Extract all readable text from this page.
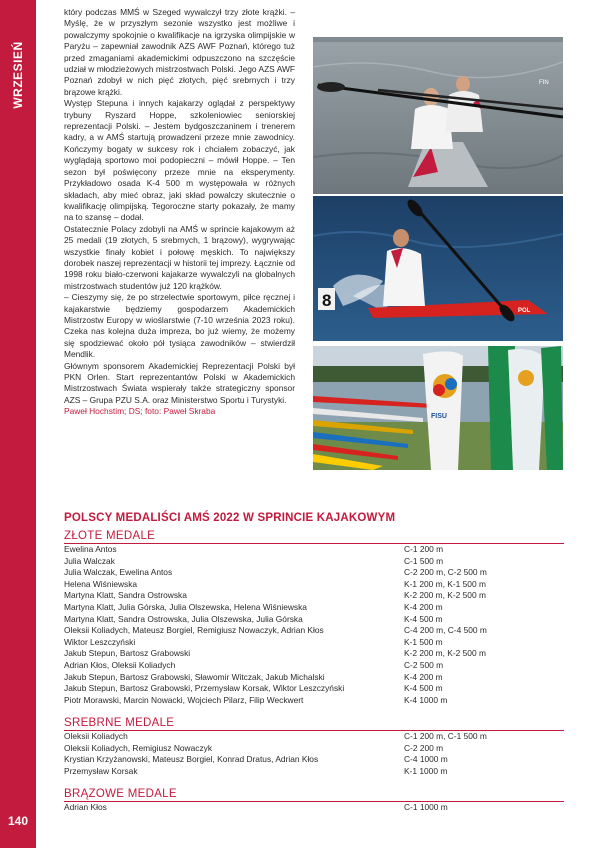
WRZESIEŃ
140

który podczas MMŚ w Szeged wywalczył trzy złote krążki. – Myślę, że w przyszłym sezonie wszystko jest możliwe i powalczymy spokojnie o kwalifikacje na igrzyska olimpijskie w Paryżu – zapewniał zawodnik AZS AWF Poznań, którego tuż przed zmaganiami akademickimi odpuszczono na szczęście udział w młodzieżowych mistrzostwach Polski. Jego AZS AWF Poznań zdobył w nich pięć złotych, pięć srebrnych i trzy brązowe krążki.

Występ Stepuna i innych kajakarzy oglądał z perspektywy trybuny Ryszard Hoppe, szkoleniowiec seniorskiej reprezentacji Polski. – Jestem bydgoszczaninem i trenerem kadry, a w AMŚ startują prowadzeni przeze mnie zawodnicy. Kończymy bogaty w sukcesy rok i chciałem zobaczyć, jak wyglądają sportowo moi podopieczni – mówił Hoppe. – Ten sezon był poświęcony przeze mnie na eksperymenty. Przykładowo osada K-4 500 m występowała w różnych składach, aby mieć obraz, jaki skład powalczy skutecznie o kwalifikację olimpijską. Tegoroczne starty pokazały, że mamy na to szansę – dodał.

Ostatecznie Polacy zdobyli na AMŚ w sprincie kajakowym aż 25 medali (19 złotych, 5 srebrnych, 1 brązowy), wygrywając wszystkie finały kobiet i połowę męskich. To największy dorobek naszej reprezentacji w historii tej imprezy. Łącznie od 1998 roku biało-czerwoni kajakarze wywalczyli na globalnych mistrzostwach studentów już 120 krążków.

– Cieszymy się, że po strzelectwie sportowym, piłce ręcznej i kajakarstwie będziemy gospodarzem Akademickich Mistrzostw Europy w wioślarstwie (7-10 września 2023 roku). Czeka nas kolejna duża impreza, bo już wiemy, że możemy się spodziewać około pół tysiąca zawodników – stwierdził Mendlik.

Głównym sponsorem Akademickiej Reprezentacji Polski był PKN Orlen. Start reprezentantów Polski w Akademickich Mistrzostwach Świata wspierały także strategiczny sponsor AZS – Grupa PZU S.A. oraz Ministerstwo Sportu i Turystyki.

Paweł Hochstim; DS; foto: Paweł Skraba

FIN
8
POL
FISU
POLSCY MEDALIŚCI AMŚ 2022 W SPRINCIE KAJAKOWYM
ZŁOTE MEDALE
Ewelina Antos	C-1 200 m
Julia Walczak	C-1 500 m
Julia Walczak, Ewelina Antos	C-2 200 m, C-2 500 m
Helena Wiśniewska	K-1 200 m, K-1 500 m
Martyna Klatt, Sandra Ostrowska	K-2 200 m, K-2 500 m
Martyna Klatt, Julia Górska, Julia Olszewska, Helena Wiśniewska	K-4 200 m
Martyna Klatt, Sandra Ostrowska, Julia Olszewska, Julia Górska	K-4 500 m
Oleksii Koliadych, Mateusz Borgiel, Remigiusz Nowaczyk, Adrian Kłos	C-4 200 m, C-4 500 m
Wiktor Leszczyński	K-1 500 m
Jakub Stepun, Bartosz Grabowski	K-2 200 m, K-2 500 m
Adrian Kłos, Oleksii Koliadych	C-2 500 m
Jakub Stepun, Bartosz Grabowski, Sławomir Witczak, Jakub Michalski	K-4 200 m
Jakub Stepun, Bartosz Grabowski, Przemysław Korsak, Wiktor Leszczyński	K-4 500 m
Piotr Morawski, Marcin Nowacki, Wojciech Pilarz, Filip Weckwert	K-4 1000 m
SREBRNE MEDALE
Oleksii Koliadych	C-1 200 m, C-1 500 m
Oleksii Koliadych, Remigiusz Nowaczyk	C-2 200 m
Krystian Krzyżanowski, Mateusz Borgiel, Konrad Dratus, Adrian Kłos	C-4 1000 m
Przemysław Korsak	K-1 1000 m
BRĄZOWE MEDALE
Adrian Kłos	C-1 1000 m
